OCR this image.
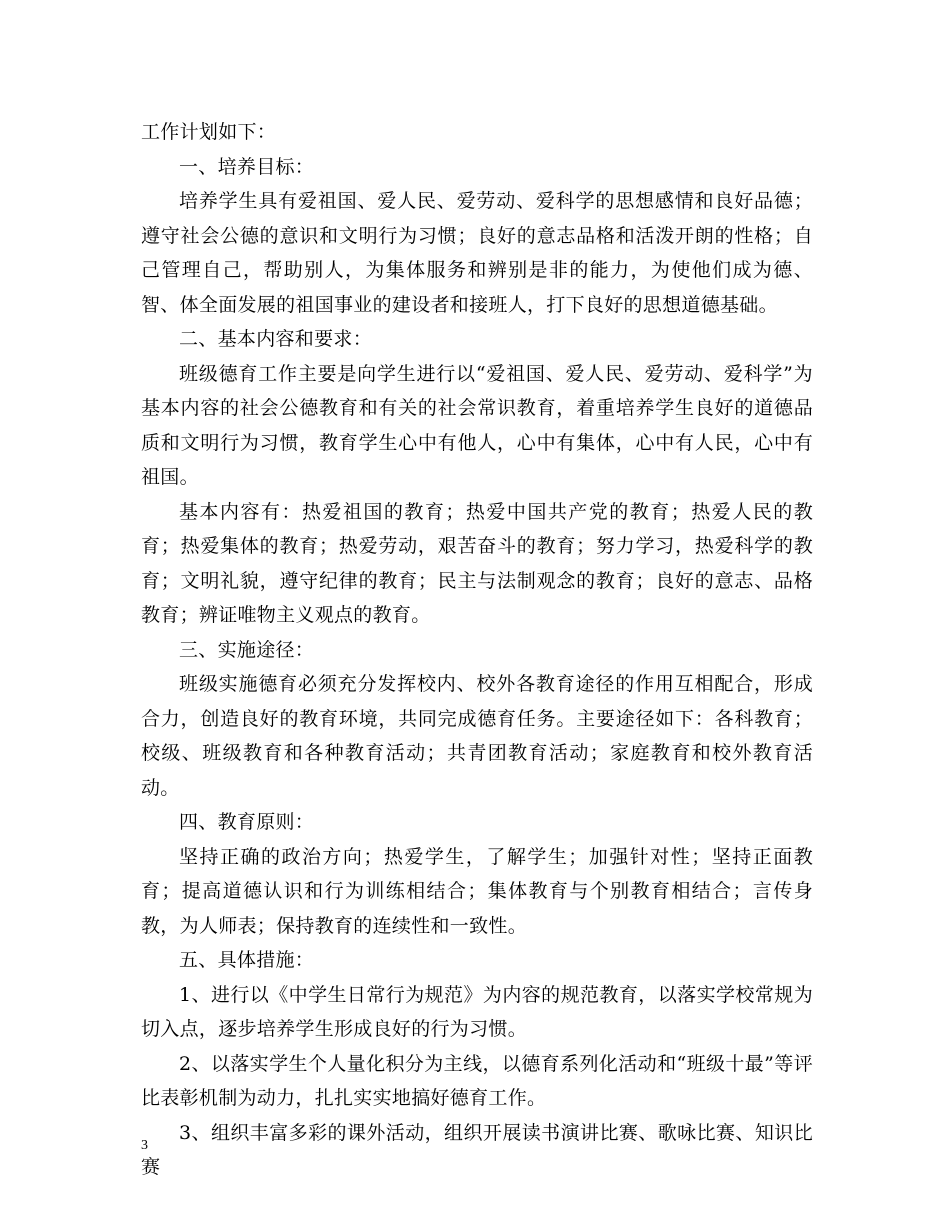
工作计划如下：

一、培养目标：

培养学生具有爱祖国、爱人民、爱劳动、爱科学的思想感情和良好品德；遵守社会公德的意识和文明行为习惯；良好的意志品格和活泼开朗的性格；自己管理自己，帮助别人，为集体服务和辨别是非的能力，为使他们成为德、智、体全面发展的祖国事业的建设者和接班人，打下良好的思想道德基础。

二、基本内容和要求：

班级德育工作主要是向学生进行以“爱祖国、爱人民、爱劳动、爱科学”为基本内容的社会公德教育和有关的社会常识教育，着重培养学生良好的道德品质和文明行为习惯，教育学生心中有他人，心中有集体，心中有人民，心中有祖国。

基本内容有：热爱祖国的教育；热爱中国共产党的教育；热爱人民的教育；热爱集体的教育；热爱劳动，艰苦奋斗的教育；努力学习，热爱科学的教育；文明礼貌，遵守纪律的教育；民主与法制观念的教育；良好的意志、品格教育；辨证唯物主义观点的教育。

三、实施途径：

班级实施德育必须充分发挥校内、校外各教育途径的作用互相配合，形成合力，创造良好的教育环境，共同完成德育任务。主要途径如下：各科教育；校级、班级教育和各种教育活动；共青团教育活动；家庭教育和校外教育活动。

四、教育原则：

坚持正确的政治方向；热爱学生，了解学生；加强针对性；坚持正面教育；提高道德认识和行为训练相结合；集体教育与个别教育相结合；言传身教，为人师表；保持教育的连续性和一致性。

五、具体措施：

1、进行以《中学生日常行为规范》为内容的规范教育，以落实学校常规为切入点，逐步培养学生形成良好的行为习惯。

2、以落实学生个人量化积分为主线，以德育系列化活动和“班级十最”等评比表彰机制为动力，扎扎实实地搞好德育工作。

3、组织丰富多彩的课外活动，组织开展读书演讲比赛、歌咏比赛、知识比赛

3
